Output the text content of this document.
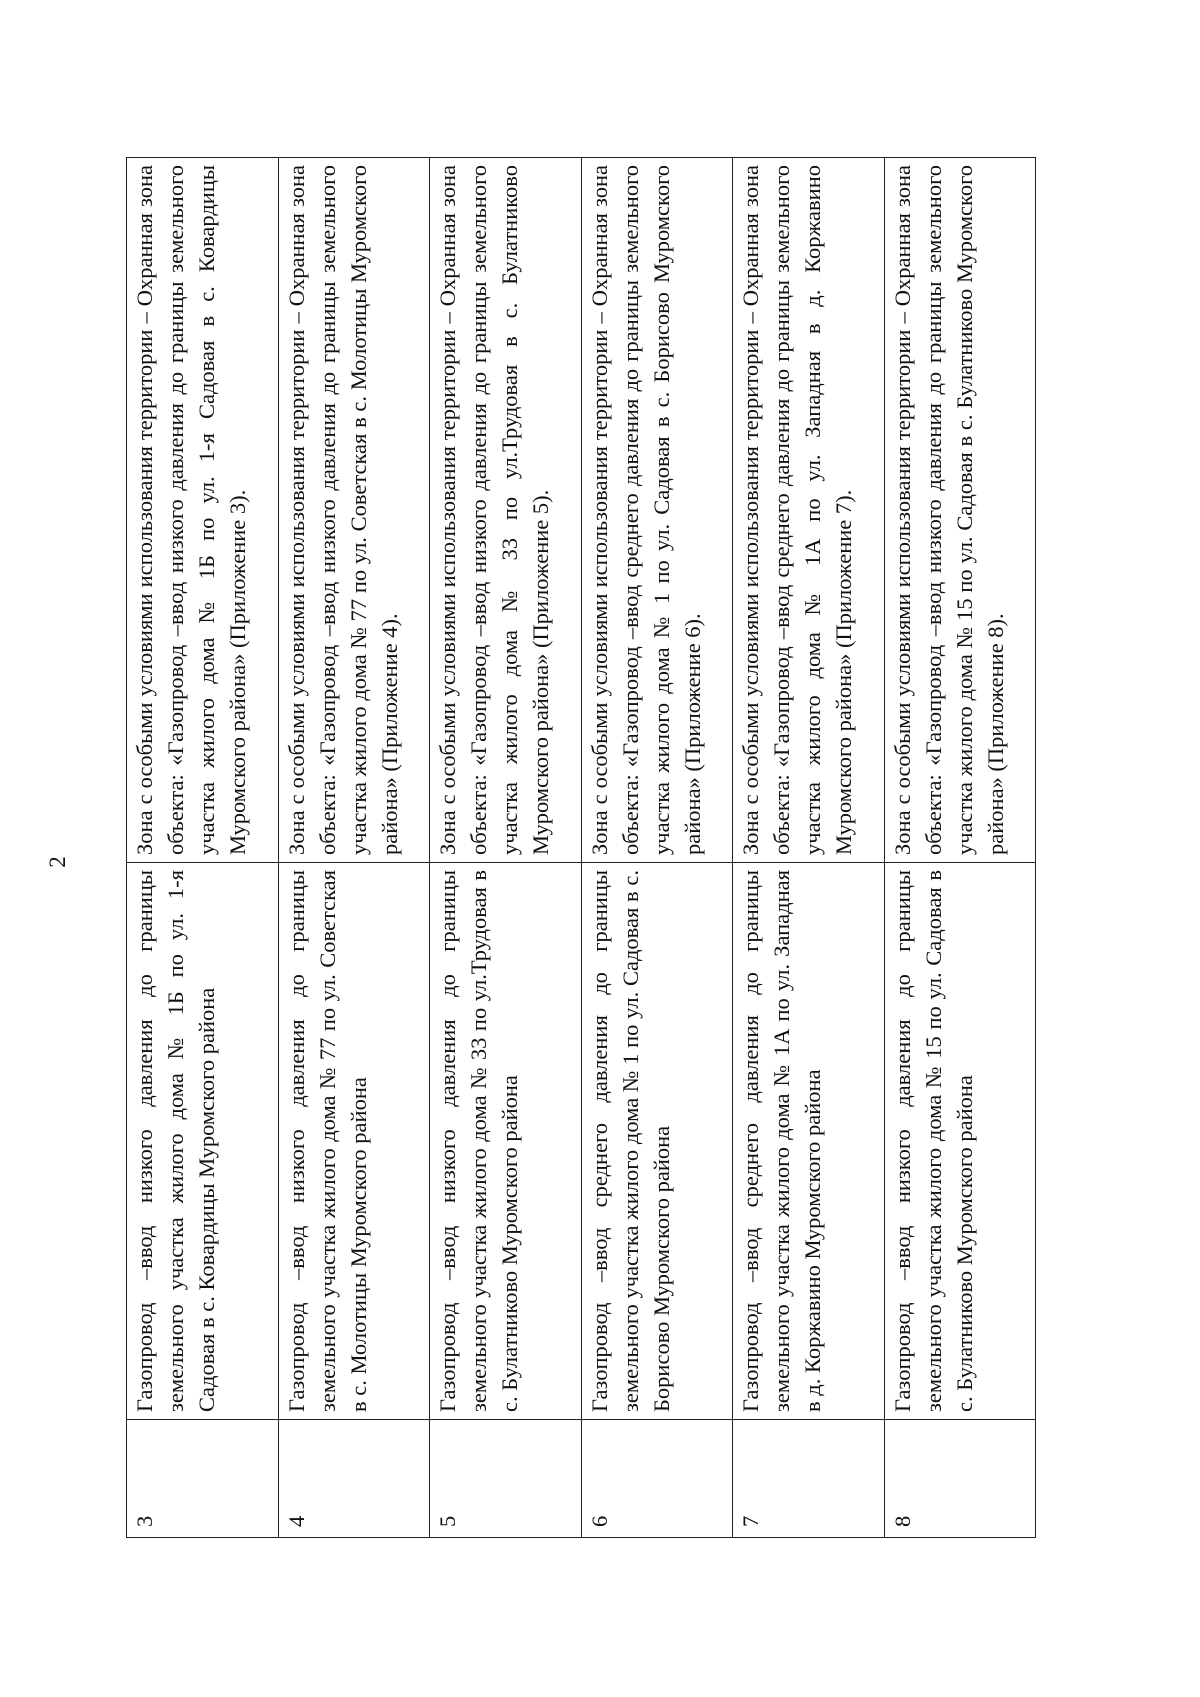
2
3	Газопровод –ввод низкого давления до границы земельного участка жилого дома № 1Б по ул. 1-я Садовая в с. Ковардицы Муромского района	Зона с особыми условиями использования территории – Охранная зона объекта: «Газопровод –ввод низкого давления до границы земельного участка жилого дома № 1Б по ул. 1-я Садовая в с. Ковардицы Муромского района» (Приложение 3).
4	Газопровод –ввод низкого давления до границы земельного участка жилого дома № 77 по ул. Советская в с. Молотицы Муромского района	Зона с особыми условиями использования территории – Охранная зона объекта: «Газопровод –ввод низкого давления до границы земельного участка жилого дома № 77 по ул. Советская в с. Молотицы Муромского района» (Приложение 4).
5	Газопровод –ввод низкого давления до границы земельного участка жилого дома № 33 по ул.Трудовая в с. Булатниково Муромского района	Зона с особыми условиями использования территории – Охранная зона объекта: «Газопровод –ввод низкого давления до границы земельного участка жилого дома № 33 по ул.Трудовая в с. Булатниково Муромского района» (Приложение 5).
6	Газопровод –ввод среднего давления до границы земельного участка жилого дома № 1 по ул. Садовая в с. Борисово Муромского района	Зона с особыми условиями использования территории – Охранная зона объекта: «Газопровод –ввод среднего давления до границы земельного участка жилого дома № 1 по ул. Садовая в с. Борисово Муромского района» (Приложение 6).
7	Газопровод –ввод среднего давления до границы земельного участка жилого дома № 1А по ул. Западная в д. Коржавино Муромского района	Зона с особыми условиями использования территории – Охранная зона объекта: «Газопровод –ввод среднего давления до границы земельного участка жилого дома № 1А по ул. Западная в д. Коржавино Муромского района» (Приложение 7).
8	Газопровод –ввод низкого давления до границы земельного участка жилого дома № 15 по ул. Садовая в с. Булатниково Муромского района	Зона с особыми условиями использования территории – Охранная зона объекта: «Газопровод –ввод низкого давления до границы земельного участка жилого дома № 15 по ул. Садовая в с. Булатниково Муромского района» (Приложение 8).
